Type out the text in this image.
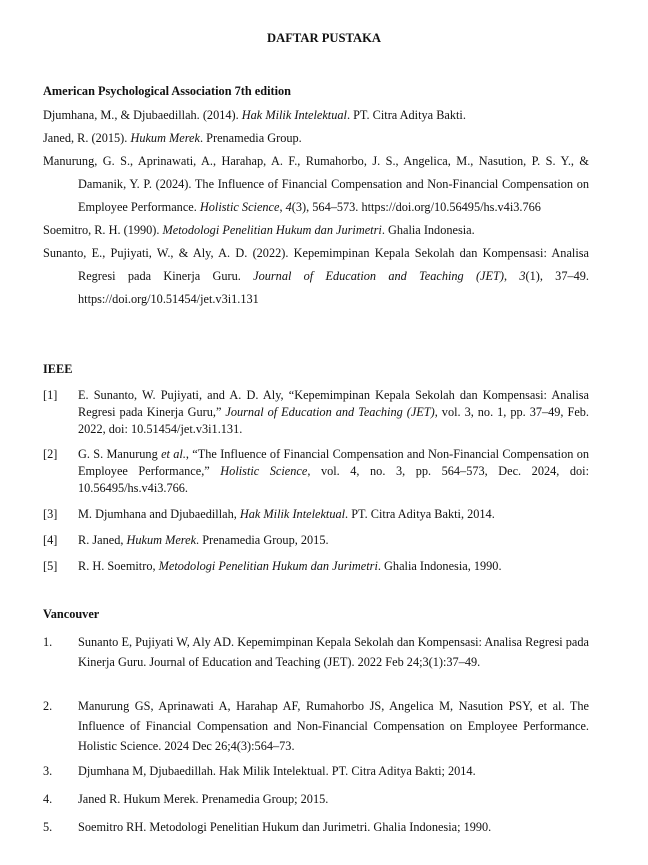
DAFTAR PUSTAKA
American Psychological Association 7th edition
Djumhana, M., & Djubaedillah. (2014). Hak Milik Intelektual. PT. Citra Aditya Bakti.
Janed, R. (2015). Hukum Merek. Prenamedia Group.
Manurung, G. S., Aprinawati, A., Harahap, A. F., Rumahorbo, J. S., Angelica, M., Nasution, P. S. Y., & Damanik, Y. P. (2024). The Influence of Financial Compensation and Non-Financial Compensation on Employee Performance. Holistic Science, 4(3), 564–573. https://doi.org/10.56495/hs.v4i3.766
Soemitro, R. H. (1990). Metodologi Penelitian Hukum dan Jurimetri. Ghalia Indonesia.
Sunanto, E., Pujiyati, W., & Aly, A. D. (2022). Kepemimpinan Kepala Sekolah dan Kompensasi: Analisa Regresi pada Kinerja Guru. Journal of Education and Teaching (JET), 3(1), 37–49. https://doi.org/10.51454/jet.v3i1.131
IEEE
[1]	E. Sunanto, W. Pujiyati, and A. D. Aly, “Kepemimpinan Kepala Sekolah dan Kompensasi: Analisa Regresi pada Kinerja Guru,” Journal of Education and Teaching (JET), vol. 3, no. 1, pp. 37–49, Feb. 2022, doi: 10.51454/jet.v3i1.131.
[2]	G. S. Manurung et al., “The Influence of Financial Compensation and Non-Financial Compensation on Employee Performance,” Holistic Science, vol. 4, no. 3, pp. 564–573, Dec. 2024, doi: 10.56495/hs.v4i3.766.
[3]	M. Djumhana and Djubaedillah, Hak Milik Intelektual. PT. Citra Aditya Bakti, 2014.
[4]	R. Janed, Hukum Merek. Prenamedia Group, 2015.
[5]	R. H. Soemitro, Metodologi Penelitian Hukum dan Jurimetri. Ghalia Indonesia, 1990.
Vancouver
1.	Sunanto E, Pujiyati W, Aly AD. Kepemimpinan Kepala Sekolah dan Kompensasi: Analisa Regresi pada Kinerja Guru. Journal of Education and Teaching (JET). 2022 Feb 24;3(1):37–49.
2.	Manurung GS, Aprinawati A, Harahap AF, Rumahorbo JS, Angelica M, Nasution PSY, et al. The Influence of Financial Compensation and Non-Financial Compensation on Employee Performance. Holistic Science. 2024 Dec 26;4(3):564–73.
3.	Djumhana M, Djubaedillah. Hak Milik Intelektual. PT. Citra Aditya Bakti; 2014.
4.	Janed R. Hukum Merek. Prenamedia Group; 2015.
5.	Soemitro RH. Metodologi Penelitian Hukum dan Jurimetri. Ghalia Indonesia; 1990.
